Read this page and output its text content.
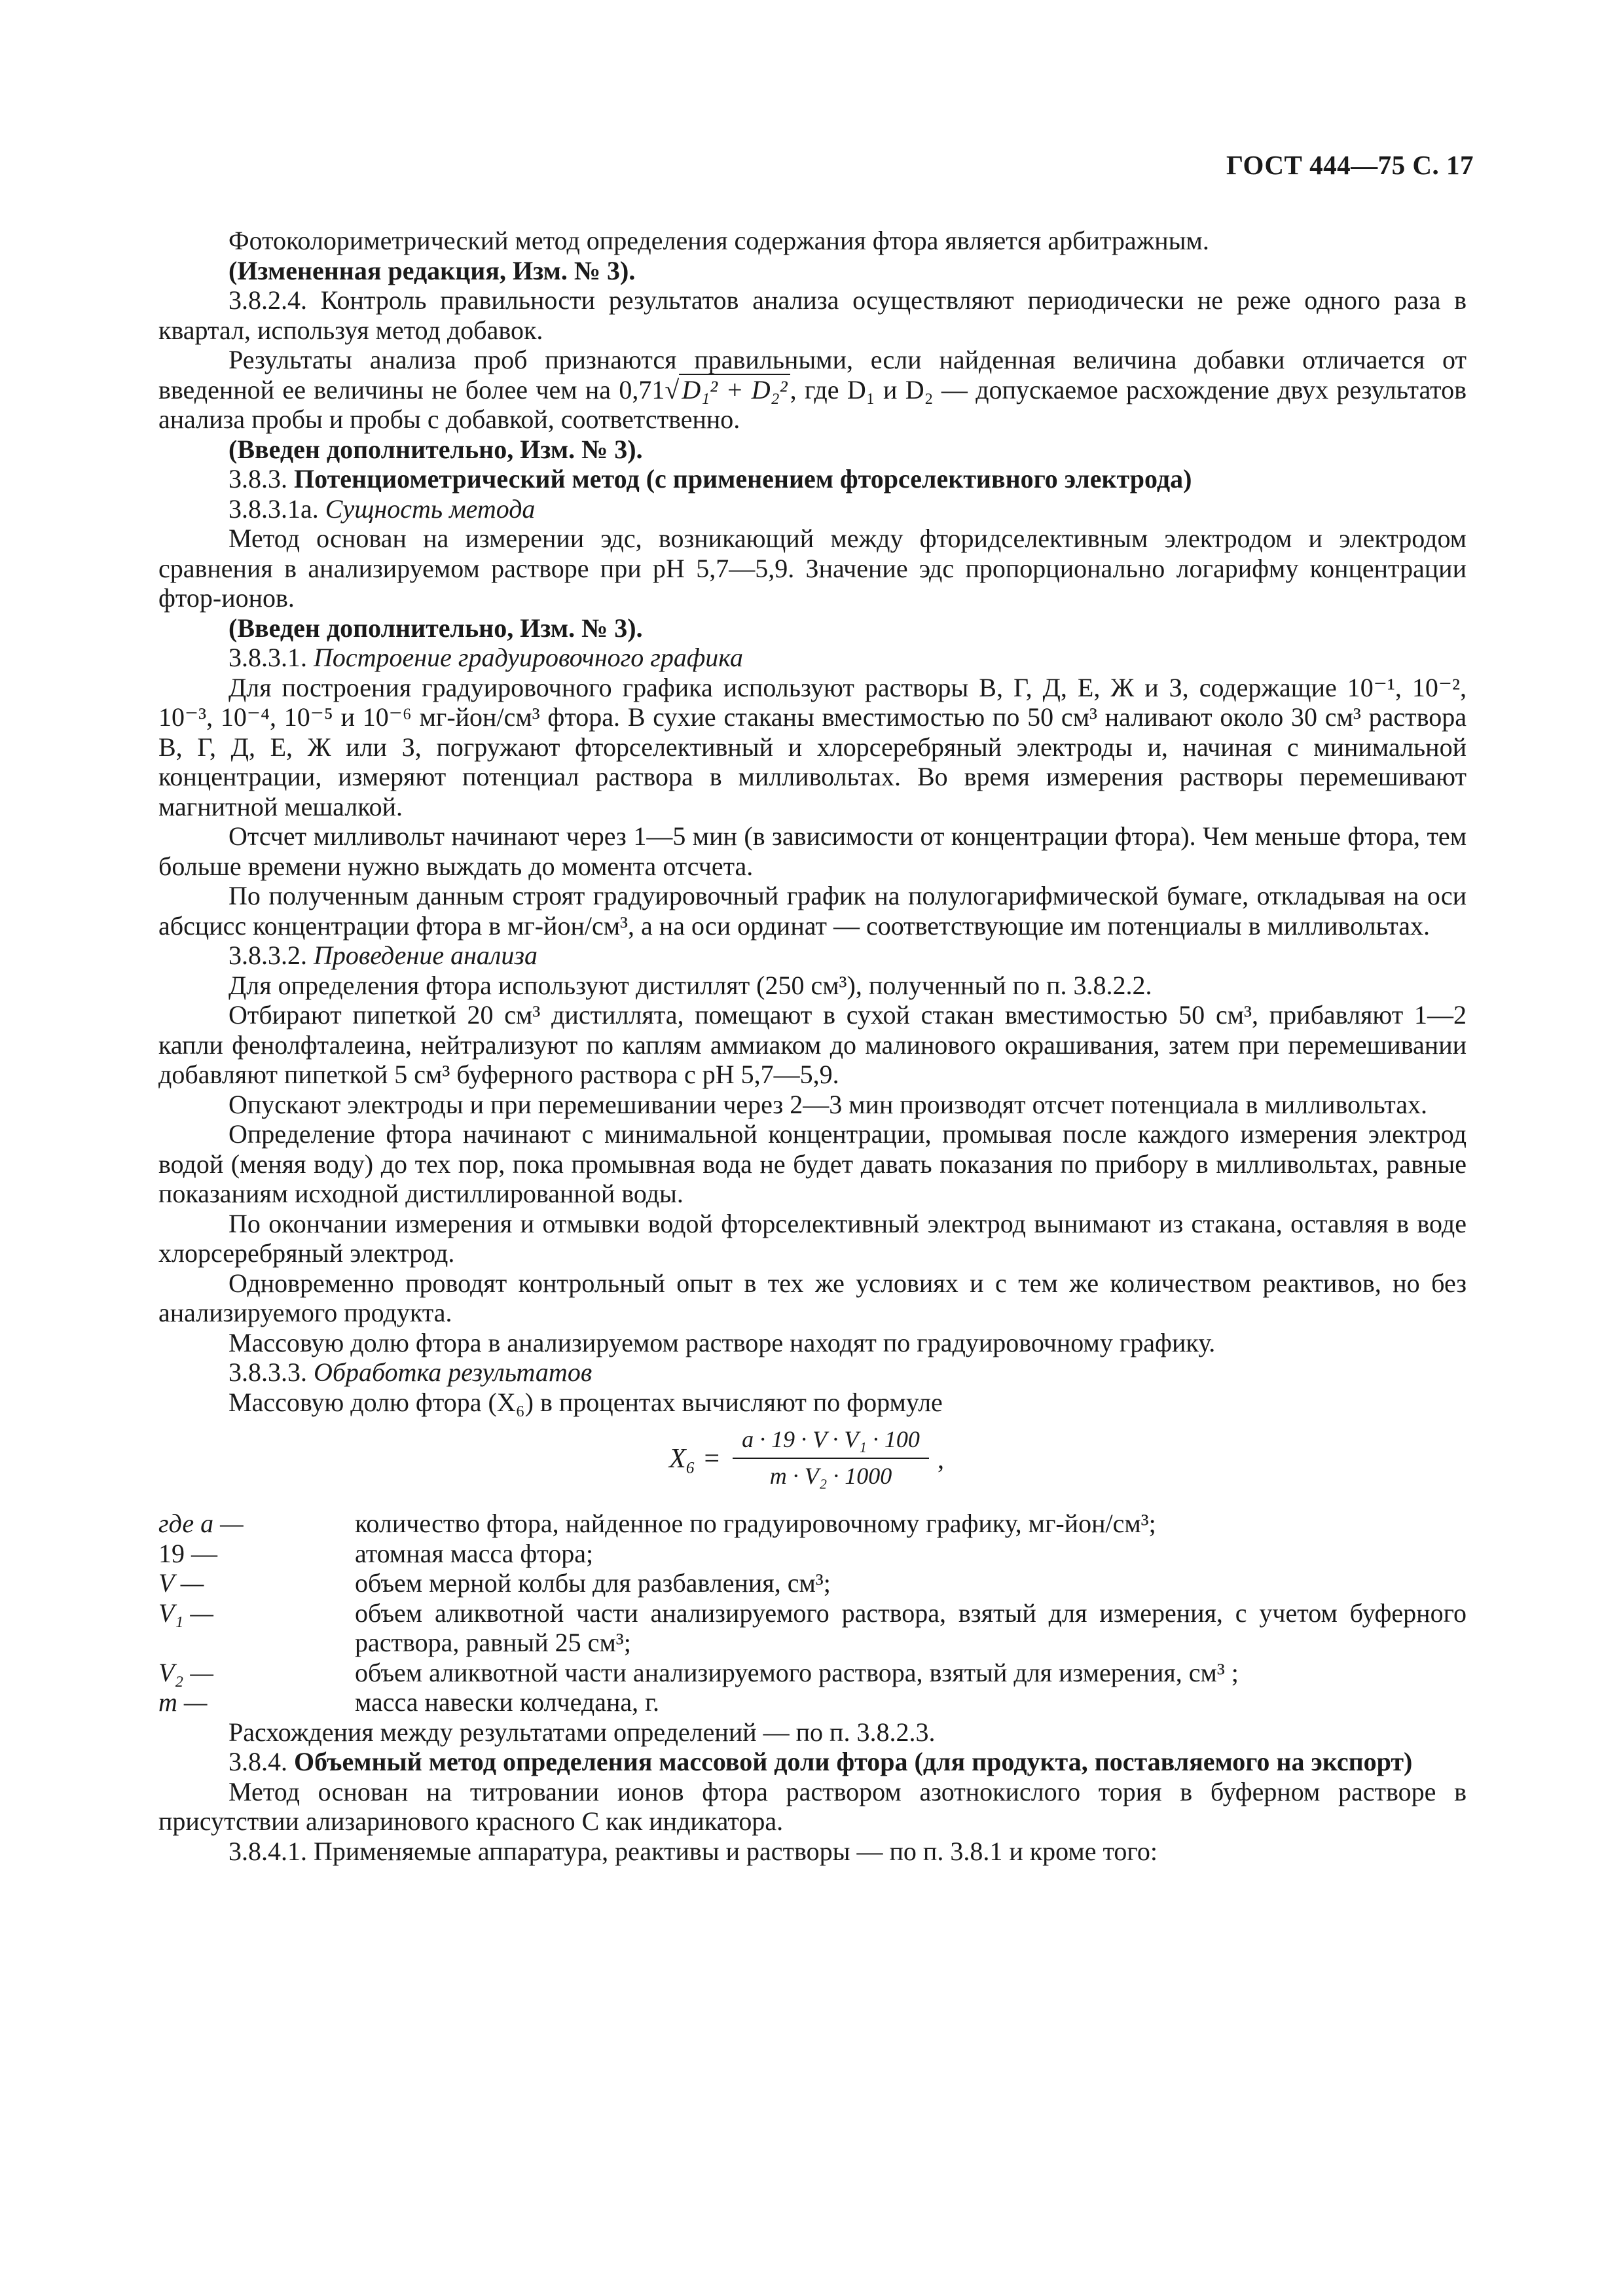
ГОСТ 444—75 С. 17

Фотоколориметрический метод определения содержания фтора является арбитражным.

(Измененная редакция, Изм. № 3).

3.8.2.4. Контроль правильности результатов анализа осуществляют периодически не реже одного раза в квартал, используя метод добавок.

Результаты анализа проб признаются правильными, если найденная величина добавки отличается от введенной ее величины не более чем на 0,71√ D₁² + D₂² , где D₁ и D₂ — допускаемое расхождение двух результатов анализа пробы и пробы с добавкой, соответственно.

(Введен дополнительно, Изм. № 3).

3.8.3. Потенциометрический метод (с применением фторселективного электрода)

3.8.3.1а. Сущность метода

Метод основан на измерении эдс, возникающий между фторидселективным электродом и электродом сравнения в анализируемом растворе при pH 5,7—5,9. Значение эдс пропорционально логарифму концентрации фтор-ионов.

(Введен дополнительно, Изм. № 3).

3.8.3.1. Построение градуировочного графика

Для построения градуировочного графика используют растворы В, Г, Д, Е, Ж и З, содержащие 10⁻¹, 10⁻², 10⁻³, 10⁻⁴, 10⁻⁵ и 10⁻⁶ мг-йон/см³ фтора. В сухие стаканы вместимостью по 50 см³ наливают около 30 см³ раствора В, Г, Д, Е, Ж или З, погружают фторселективный и хлорсеребряный электроды и, начиная с минимальной концентрации, измеряют потенциал раствора в милливольтах. Во время измерения растворы перемешивают магнитной мешалкой.

Отсчет милливольт начинают через 1—5 мин (в зависимости от концентрации фтора). Чем меньше фтора, тем больше времени нужно выждать до момента отсчета.

По полученным данным строят градуировочный график на полулогарифмической бумаге, откладывая на оси абсцисс концентрации фтора в мг-йон/см³, а на оси ординат — соответствующие им потенциалы в милливольтах.

3.8.3.2. Проведение анализа

Для определения фтора используют дистиллят (250 см³), полученный по п. 3.8.2.2.

Отбирают пипеткой 20 см³ дистиллята, помещают в сухой стакан вместимостью 50 см³, прибавляют 1—2 капли фенолфталеина, нейтрализуют по каплям аммиаком до малинового окрашивания, затем при перемешивании добавляют пипеткой 5 см³ буферного раствора с pH 5,7—5,9.

Опускают электроды и при перемешивании через 2—3 мин производят отсчет потенциала в милливольтах.

Определение фтора начинают с минимальной концентрации, промывая после каждого измерения электрод водой (меняя воду) до тех пор, пока промывная вода не будет давать показания по прибору в милливольтах, равные показаниям исходной дистиллированной воды.

По окончании измерения и отмывки водой фторселективный электрод вынимают из стакана, оставляя в воде хлорсеребряный электрод.

Одновременно проводят контрольный опыт в тех же условиях и с тем же количеством реактивов, но без анализируемого продукта.

Массовую долю фтора в анализируемом растворе находят по градуировочному графику.

3.8.3.3. Обработка результатов

Массовую долю фтора (X₆) в процентах вычисляют по формуле

$X_6 = \frac{\text{a · 19 · V · V₁ · 100}}{\text{m · V₂ · 1000}}$ ,
где a —	количество фтора, найденное по градуировочному графику, мг-йон/см³;
19 —	атомная масса фтора;
V —	объем мерной колбы для разбавления, см³;
V₁ —	объем аликвотной части анализируемого раствора, взятый для измерения, с учетом буферного раствора, равный 25 см³;
V₂ —	объем аликвотной части анализируемого раствора, взятый для измерения, см³ ;
m —	масса навески колчедана, г.

Расхождения между результатами определений — по п. 3.8.2.3.

3.8.4. Объемный метод определения массовой доли фтора (для продукта, поставляемого на экспорт)

Метод основан на титровании ионов фтора раствором азотнокислого тория в буферном растворе в присутствии ализаринового красного С как индикатора.

3.8.4.1. Применяемые аппаратура, реактивы и растворы — по п. 3.8.1 и кроме того:
